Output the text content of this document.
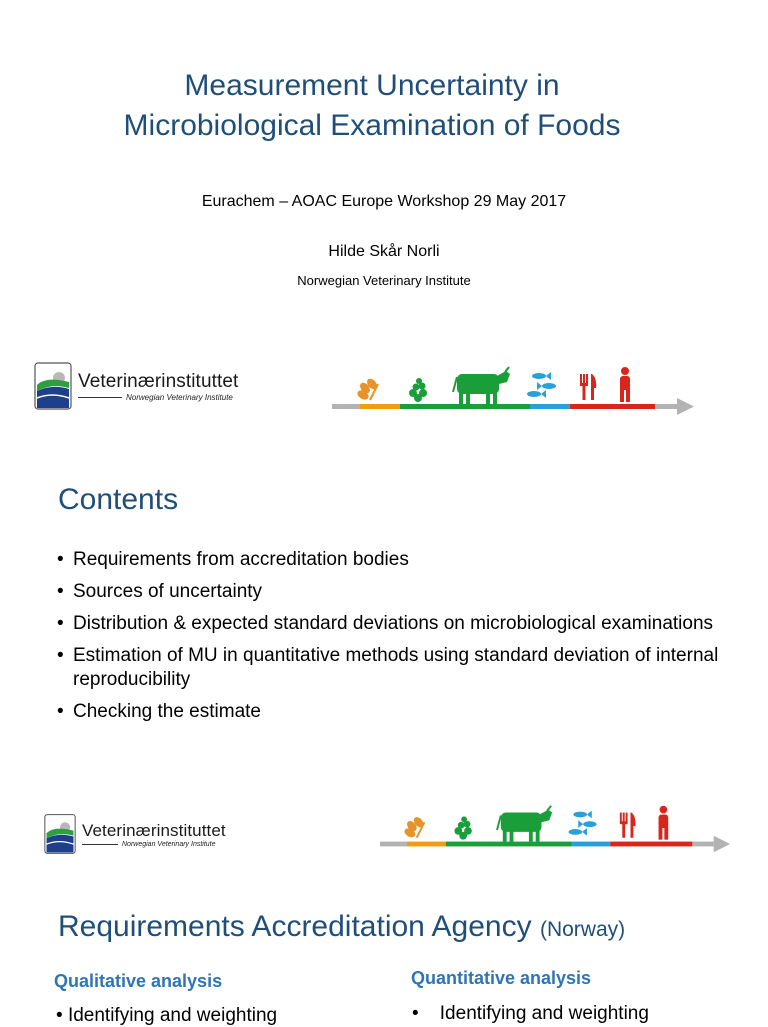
Measurement Uncertainty in
Microbiological Examination of Foods
Eurachem – AOAC Europe Workshop 29 May 2017
Hilde Skår Norli
Norwegian Veterinary Institute
Veterinærinstituttet
Norwegian Veterinary Institute
Contents
• Requirements from accreditation bodies
• Sources of uncertainty
• Distribution & expected standard deviations on microbiological examinations
• Estimation of MU in quantitative methods using standard deviation of internal reproducibility
• Checking the estimate
Veterinærinstituttet
Norwegian Veterinary Institute
Requirements Accreditation Agency (Norway)
Qualitative analysis	Quantitative analysis
• Identifying and weighting	•    Identifying and weighting
